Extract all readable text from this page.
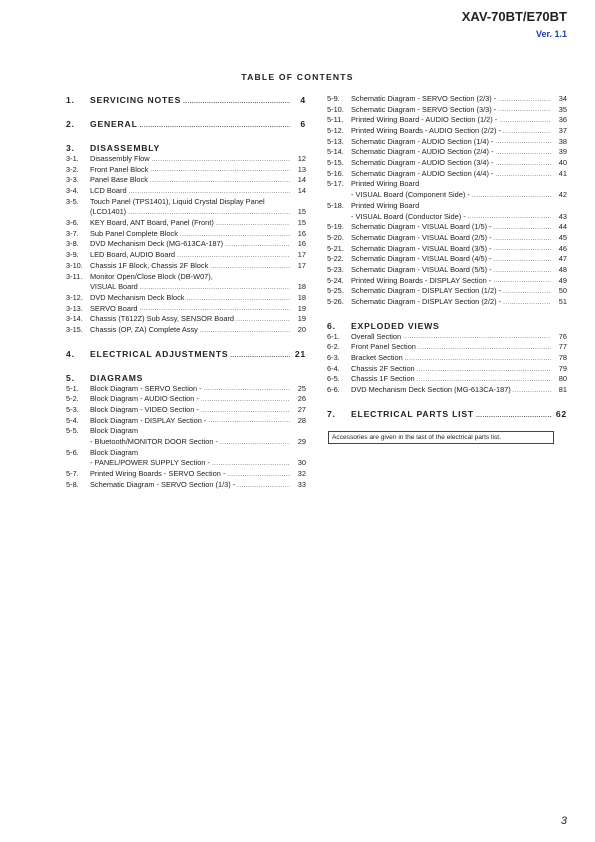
XAV-70BT/E70BT
Ver. 1.1
TABLE OF CONTENTS
1.	SERVICING NOTES .....	4
2.	GENERAL .....	6
3.	DISASSEMBLY
3-1.	Disassembly Flow .....	12
3-2.	Front Panel Block .....	13
3-3.	Panel Base Block .....	14
3-4.	LCD Board .....	14
3-5.	Touch Panel (TPS1401), Liquid Crystal Display Panel
(LCD1401) .....	15
3-6.	KEY Board, ANT Board, Panel (Front) .....	15
3-7.	Sub Panel Complete Block .....	16
3-8.	DVD Mechanism Deck (MG-613CA-187) .....	16
3-9.	LED Board, AUDIO Board .....	17
3-10. Chassis 1F Block, Chassis 2F Block .....	17
3-11.	Monitor Open/Close Block (DB-W07),
VISUAL Board .....	18
3-12. DVD Mechanism Deck Block .....	18
3-13. SERVO Board .....	19
3-14. Chassis (T612Z) Sub Assy, SENSOR Board .....	19
3-15. Chassis (OP, ZA) Complete Assy .....	20
4.	ELECTRICAL ADJUSTMENTS .....	21
5.	DIAGRAMS
5-1.	Block Diagram - SERVO Section - .....	25
5-2.	Block Diagram - AUDIO Section - .....	26
5-3.	Block Diagram - VIDEO Section - .....	27
5-4.	Block Diagram - DISPLAY Section - .....	28
5-5.	Block Diagram
- Bluetooth/MONITOR DOOR Section - .....	29
5-6.	Block Diagram
- PANEL/POWER SUPPLY Section - .....	30
5-7.	Printed Wiring Boards - SERVO Section - .....	32
5-8.	Schematic Diagram - SERVO Section (1/3) - .....	33
5-9.	Schematic Diagram - SERVO Section (2/3) - .....	34
5-10. Schematic Diagram - SERVO Section (3/3) - .....	35
5-11.	Printed Wiring Board - AUDIO Section (1/2) - .....	36
5-12. Printed Wiring Boards - AUDIO Section (2/2) - .....	37
5-13. Schematic Diagram - AUDIO Section (1/4) - .....	38
5-14. Schematic Diagram - AUDIO Section (2/4) - .....	39
5-15. Schematic Diagram - AUDIO Section (3/4) - .....	40
5-16. Schematic Diagram - AUDIO Section (4/4) - .....	41
5-17. Printed Wiring Board
- VISUAL Board (Component Side) - .....	42
5-18. Printed Wiring Board
- VISUAL Board (Conductor Side) - .....	43
5-19. Schematic Diagram - VISUAL Board (1/5) - .....	44
5-20. Schematic Diagram - VISUAL Board (2/5) - .....	45
5-21. Schematic Diagram - VISUAL Board (3/5) - .....	46
5-22. Schematic Diagram - VISUAL Board (4/5) - .....	47
5-23. Schematic Diagram - VISUAL Board (5/5) - .....	48
5-24. Printed Wiring Boards - DISPLAY Section - .....	49
5-25. Schematic Diagram - DISPLAY Section (1/2) - .....	50
5-26. Schematic Diagram - DISPLAY Section (2/2) - .....	51
6.	EXPLODED VIEWS
6-1.	Overall Section .....	76
6-2.	Front Panel Section .....	77
6-3.	Bracket Section .....	78
6-4.	Chassis 2F Section .....	79
6-5.	Chassis 1F Section .....	80
6-6.	DVD Mechanism Deck Section (MG-613CA-187) .....	81
7.	ELECTRICAL PARTS LIST .....	62
Accessories are given in the last of the electrical parts list.
3
